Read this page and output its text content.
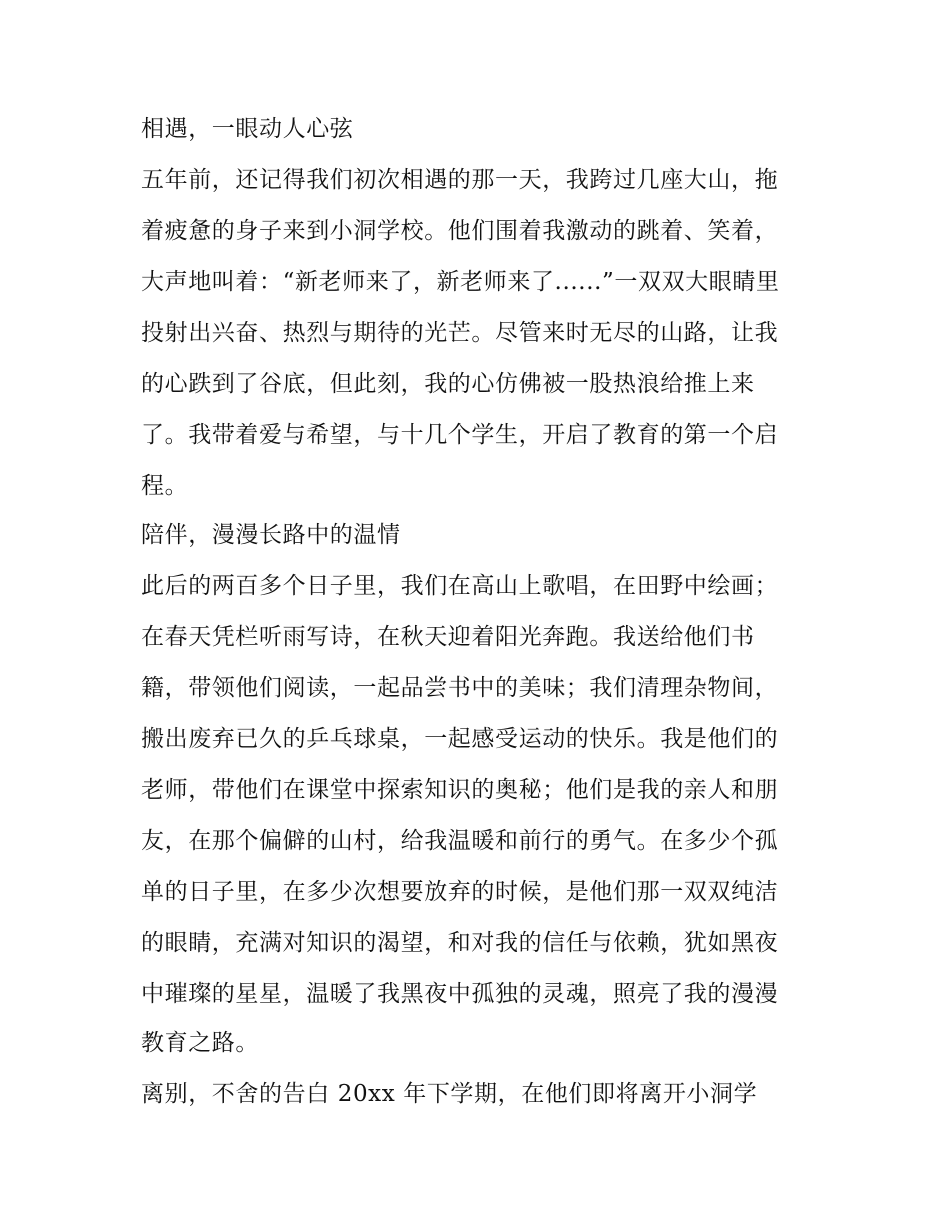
相遇，一眼动人心弦
五年前，还记得我们初次相遇的那一天，我跨过几座大山，拖
着疲惫的身子来到小洞学校。他们围着我激动的跳着、笑着，
大声地叫着：“新老师来了，新老师来了......”一双双大眼睛里
投射出兴奋、热烈与期待的光芒。尽管来时无尽的山路，让我
的心跌到了谷底，但此刻，我的心仿佛被一股热浪给推上来
了。我带着爱与希望，与十几个学生，开启了教育的第一个启
程。
陪伴，漫漫长路中的温情
此后的两百多个日子里，我们在高山上歌唱，在田野中绘画；
在春天凭栏听雨写诗，在秋天迎着阳光奔跑。我送给他们书
籍，带领他们阅读，一起品尝书中的美味；我们清理杂物间，
搬出废弃已久的乒乓球桌，一起感受运动的快乐。我是他们的
老师，带他们在课堂中探索知识的奥秘；他们是我的亲人和朋
友，在那个偏僻的山村，给我温暖和前行的勇气。在多少个孤
单的日子里，在多少次想要放弃的时候，是他们那一双双纯洁
的眼睛，充满对知识的渴望，和对我的信任与依赖，犹如黑夜
中璀璨的星星，温暖了我黑夜中孤独的灵魂，照亮了我的漫漫
教育之路。
离别，不舍的告白 20xx 年下学期，在他们即将离开小洞学
